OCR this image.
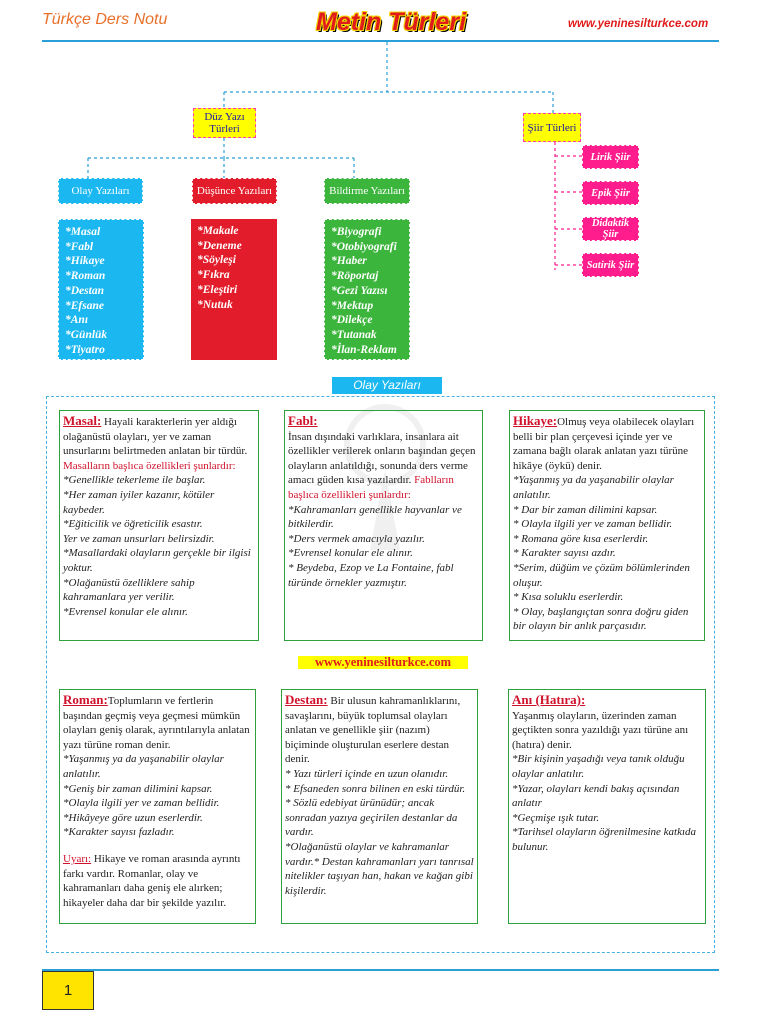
Türkçe Ders Notu	Metin Türleri	www.yeninesilturkce.com
Düz Yazı Türleri	Şiir Türleri
Olay Yazıları	Düşünce Yazıları	Bildirme Yazıları
Lirik Şiir
Epik Şiir
Didaktik Şiir
Satirik Şiir
*Masal
*Fabl
*Hikaye
*Roman
*Destan
*Efsane
*Anı
*Günlük
*Tiyatro
*Makale
*Deneme
*Söyleşi
*Fıkra
*Eleştiri
*Nutuk
*Biyografi
*Otobiyografi
*Haber
*Röportaj
*Gezi Yazısı
*Mektup
*Dilekçe
*Tutanak
*İlan-Reklam
Olay Yazıları

Masal: Hayali karakterlerin yer aldığı olağanüstü olayları, yer ve zaman unsurlarını belirtmeden anlatan bir türdür. Masalların başlıca özellikleri şunlardır:

*Genellikle tekerleme ile başlar.

*Her zaman iyiler kazanır, kötüler kaybeder.

*Eğiticilik ve öğreticilik esastır.

Yer ve zaman unsurları belirsizdir.

*Masallardaki olayların gerçekle bir ilgisi yoktur.

*Olağanüstü özelliklere sahip kahramanlara yer verilir.

*Evrensel konular ele alınır.

Fabl:
İnsan dışındaki varlıklara, insanlara ait özellikler verilerek onların başından geçen olayların anlatıldığı, sonunda ders verme amacı güden kısa yazılardır. Fablların başlıca özellikleri şunlardır:

*Kahramanları genellikle hayvanlar ve bitkilerdir.

*Ders vermek amacıyla yazılır.

*Evrensel konular ele alınır.

* Beydeba, Ezop ve La Fontaine, fabl türünde örnekler yazmıştır.

Hikaye:Olmuş veya olabilecek olayları belli bir plan çerçevesi içinde yer ve zamana bağlı olarak anlatan yazı türüne hikâye (öykü) denir.

*Yaşanmış ya da yaşanabilir olaylar anlatılır.

* Dar bir zaman dilimini kapsar.

* Olayla ilgili yer ve zaman bellidir.

* Romana göre kısa eserlerdir.

* Karakter sayısı azdır.

*Serim, düğüm ve çözüm bölümlerinden oluşur.

* Kısa soluklu eserlerdir.

* Olay, başlangıçtan sonra doğru giden bir olayın bir anlık parçasıdır.

www.yeninesilturkce.com

Roman:Toplumların ve fertlerin başından geçmiş veya geçmesi mümkün olayları geniş olarak, ayrıntılarıyla anlatan yazı türüne roman denir.

*Yaşanmış ya da yaşanabilir olaylar anlatılır.

*Geniş bir zaman dilimini kapsar.

*Olayla ilgili yer ve zaman bellidir.

*Hikâyeye göre uzun eserlerdir.

*Karakter sayısı fazladır.

Uyarı: Hikaye ve roman arasında ayrıntı farkı vardır. Romanlar, olay ve kahramanları daha geniş ele alırken; hikayeler daha dar bir şekilde yazılır.

Destan: Bir ulusun kahramanlıklarını, savaşlarını, büyük toplumsal olayları anlatan ve genellikle şiir (nazım) biçiminde oluşturulan eserlere destan denir.

* Yazı türleri içinde en uzun olanıdır.

* Efsaneden sonra bilinen en eski türdür.

* Sözlü edebiyat ürünüdür; ancak sonradan yazıya geçirilen destanlar da vardır.

*Olağanüstü olaylar ve kahramanlar vardır.* Destan kahramanları yarı tanrısal nitelikler taşıyan han, hakan ve kağan gibi kişilerdir.

Anı (Hatıra):
Yaşanmış olayların, üzerinden zaman geçtikten sonra yazıldığı yazı türüne anı (hatıra) denir.

*Bir kişinin yaşadığı veya tanık olduğu olaylar anlatılır.

*Yazar, olayları kendi bakış açısından anlatır

*Geçmişe ışık tutar.

*Tarihsel olayların öğrenilmesine katkıda bulunur.

1
